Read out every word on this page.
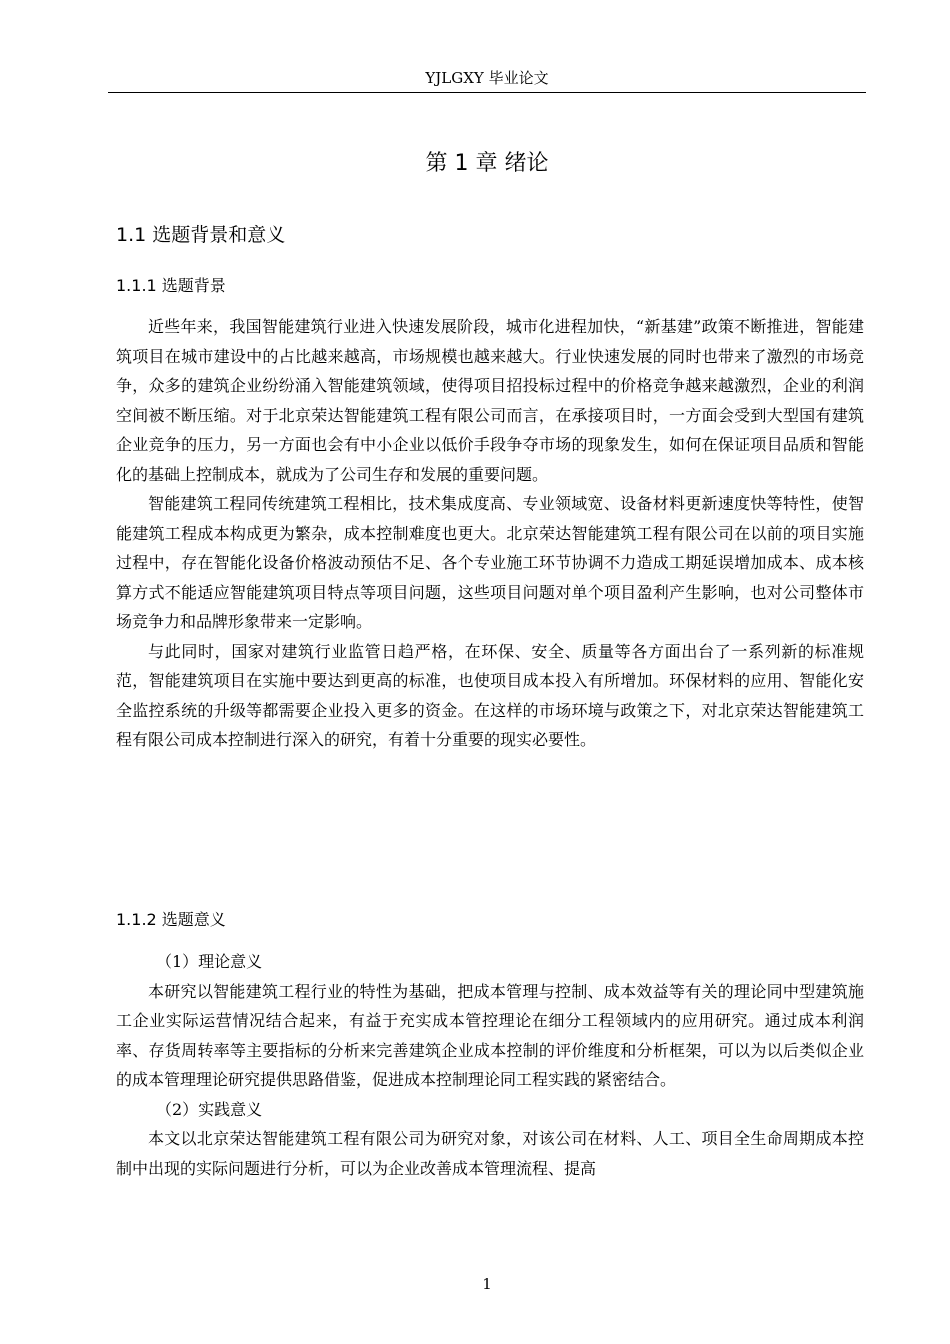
YJLGXY 毕业论文
第 1 章 绪论
1.1 选题背景和意义
1.1.1 选题背景

近些年来，我国智能建筑行业进入快速发展阶段，城市化进程加快，“新基建”政策不断推进，智能建筑项目在城市建设中的占比越来越高，市场规模也越来越大。行业快速发展的同时也带来了激烈的市场竞争，众多的建筑企业纷纷涌入智能建筑领域，使得项目招投标过程中的价格竞争越来越激烈，企业的利润空间被不断压缩。对于北京荣达智能建筑工程有限公司而言，在承接项目时，一方面会受到大型国有建筑企业竞争的压力，另一方面也会有中小企业以低价手段争夺市场的现象发生，如何在保证项目品质和智能化的基础上控制成本，就成为了公司生存和发展的重要问题。

智能建筑工程同传统建筑工程相比，技术集成度高、专业领域宽、设备材料更新速度快等特性，使智能建筑工程成本构成更为繁杂，成本控制难度也更大。北京荣达智能建筑工程有限公司在以前的项目实施过程中，存在智能化设备价格波动预估不足、各个专业施工环节协调不力造成工期延误增加成本、成本核算方式不能适应智能建筑项目特点等项目问题，这些项目问题对单个项目盈利产生影响，也对公司整体市场竞争力和品牌形象带来一定影响。

与此同时，国家对建筑行业监管日趋严格，在环保、安全、质量等各方面出台了一系列新的标准规范，智能建筑项目在实施中要达到更高的标准，也使项目成本投入有所增加。环保材料的应用、智能化安全监控系统的升级等都需要企业投入更多的资金。在这样的市场环境与政策之下，对北京荣达智能建筑工程有限公司成本控制进行深入的研究，有着十分重要的现实必要性。

1.1.2 选题意义

（1）理论意义

本研究以智能建筑工程行业的特性为基础，把成本管理与控制、成本效益等有关的理论同中型建筑施工企业实际运营情况结合起来，有益于充实成本管控理论在细分工程领域内的应用研究。通过成本利润率、存货周转率等主要指标的分析来完善建筑企业成本控制的评价维度和分析框架，可以为以后类似企业的成本管理理论研究提供思路借鉴，促进成本控制理论同工程实践的紧密结合。

（2）实践意义

本文以北京荣达智能建筑工程有限公司为研究对象，对该公司在材料、人工、项目全生命周期成本控制中出现的实际问题进行分析，可以为企业改善成本管理流程、提高

1
